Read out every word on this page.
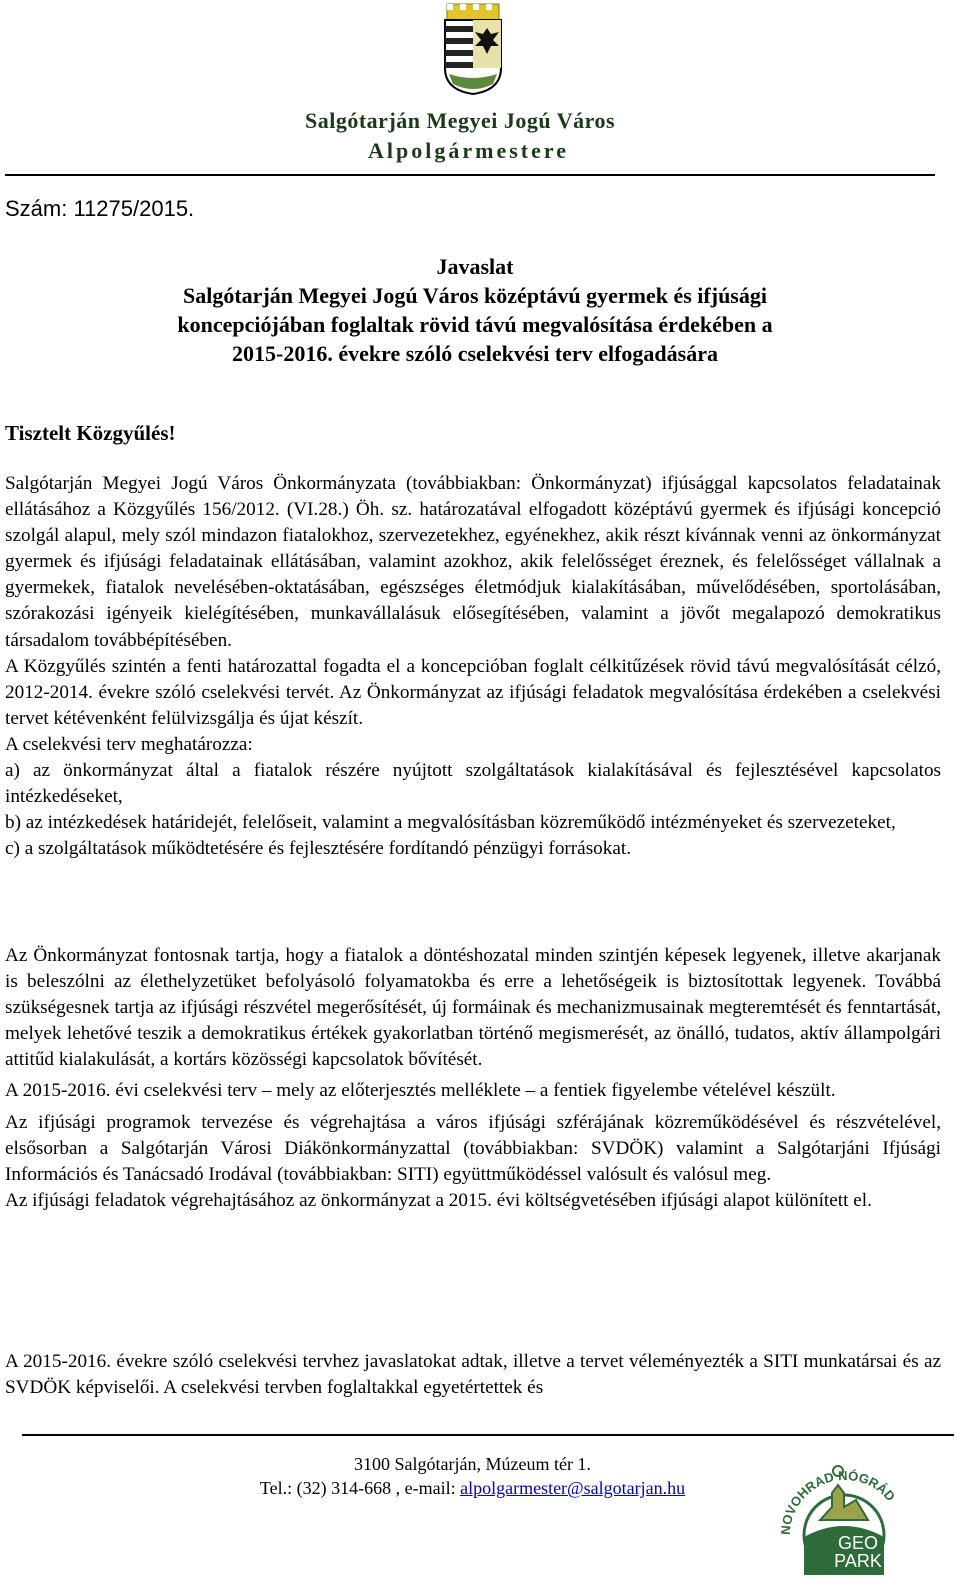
Salgótarján Megyei Jogú Város
Alpolgármestere
Szám: 11275/2015.
Javaslat
Salgótarján Megyei Jogú Város középtávú gyermek és ifjúsági
koncepciójában foglaltak rövid távú megvalósítása érdekében a
2015-2016. évekre szóló cselekvési terv elfogadására
Tisztelt Közgyűlés!

Salgótarján Megyei Jogú Város Önkormányzata (továbbiakban: Önkormányzat) ifjúsággal kapcsolatos feladatainak ellátásához a Közgyűlés 156/2012. (VI.28.) Öh. sz. határozatával elfogadott középtávú gyermek és ifjúsági koncepció szolgál alapul, mely szól mindazon fiatalokhoz, szervezetekhez, egyénekhez, akik részt kívánnak venni az önkormányzat gyermek és ifjúsági feladatainak ellátásában, valamint azokhoz, akik felelősséget éreznek, és felelősséget vállalnak a gyermekek, fiatalok nevelésében-oktatásában, egészséges életmódjuk kialakításában, művelődésében, sportolásában, szórakozási igényeik kielégítésében, munkavállalásuk elősegítésében, valamint a jövőt megalapozó demokratikus társadalom továbbépítésében.

A Közgyűlés szintén a fenti határozattal fogadta el a koncepcióban foglalt célkitűzések rövid távú megvalósítását célzó, 2012-2014. évekre szóló cselekvési tervét. Az Önkormányzat az ifjúsági feladatok megvalósítása érdekében a cselekvési tervet kétévenként felülvizsgálja és újat készít.

A cselekvési terv meghatározza:

a) az önkormányzat által a fiatalok részére nyújtott szolgáltatások kialakításával és fejlesztésével kapcsolatos intézkedéseket,

b) az intézkedések határidejét, felelőseit, valamint a megvalósításban közreműködő intézményeket és szervezeteket,

c) a szolgáltatások működtetésére és fejlesztésére fordítandó pénzügyi forrásokat.

Az Önkormányzat fontosnak tartja, hogy a fiatalok a döntéshozatal minden szintjén képesek legyenek, illetve akarjanak is beleszólni az élethelyzetüket befolyásoló folyamatokba és erre a lehetőségeik is biztosítottak legyenek. Továbbá szükségesnek tartja az ifjúsági részvétel megerősítését, új formáinak és mechanizmusainak megteremtését és fenntartását, melyek lehetővé teszik a demokratikus értékek gyakorlatban történő megismerését, az önálló, tudatos, aktív állampolgári attitűd kialakulását, a kortárs közösségi kapcsolatok bővítését.

A 2015-2016. évi cselekvési terv – mely az előterjesztés melléklete – a fentiek figyelembe vételével készült.

Az ifjúsági programok tervezése és végrehajtása a város ifjúsági szférájának közreműködésével és részvételével, elsősorban a Salgótarján Városi Diákönkormányzattal (továbbiakban: SVDÖK) valamint a Salgótarjáni Ifjúsági Információs és Tanácsadó Irodával (továbbiakban: SITI) együttműködéssel valósult és valósul meg.

Az ifjúsági feladatok végrehajtásához az önkormányzat a 2015. évi költségvetésében ifjúsági alapot különített el.

A 2015-2016. évekre szóló cselekvési tervhez javaslatokat adtak, illetve a tervet véleményezték a SITI munkatársai és az SVDÖK képviselői. A cselekvési tervben foglaltakkal egyetértettek és

3100 Salgótarján, Múzeum tér 1.
Tel.: (32) 314-668 , e-mail: alpolgarmester@salgotarjan.hu
NOVOHRAD NÓGRÁD
GEO
PARK
